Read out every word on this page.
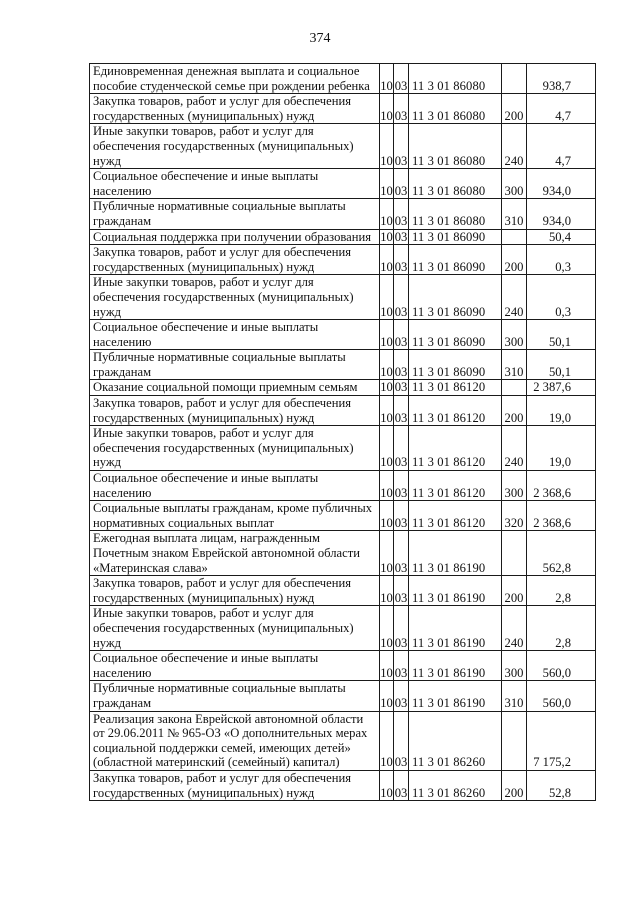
374
Единовременная денежная выплата и социальное
пособие студенческой семье при рождении ребенка	10	03	11 3 01 86080		938,7
Закупка товаров, работ и услуг для обеспечения
государственных (муниципальных) нужд	10	03	11 3 01 86080	200	4,7
Иные закупки товаров, работ и услуг для
обеспечения государственных (муниципальных)
нужд	10	03	11 3 01 86080	240	4,7
Социальное обеспечение и иные выплаты
населению	10	03	11 3 01 86080	300	934,0
Публичные нормативные социальные выплаты
гражданам	10	03	11 3 01 86080	310	934,0
Социальная поддержка при получении образования	10	03	11 3 01 86090		50,4
Закупка товаров, работ и услуг для обеспечения
государственных (муниципальных) нужд	10	03	11 3 01 86090	200	0,3
Иные закупки товаров, работ и услуг для
обеспечения государственных (муниципальных)
нужд	10	03	11 3 01 86090	240	0,3
Социальное обеспечение и иные выплаты
населению	10	03	11 3 01 86090	300	50,1
Публичные нормативные социальные выплаты
гражданам	10	03	11 3 01 86090	310	50,1
Оказание социальной помощи приемным семьям	10	03	11 3 01 86120		2 387,6
Закупка товаров, работ и услуг для обеспечения
государственных (муниципальных) нужд	10	03	11 3 01 86120	200	19,0
Иные закупки товаров, работ и услуг для
обеспечения государственных (муниципальных)
нужд	10	03	11 3 01 86120	240	19,0
Социальное обеспечение и иные выплаты
населению	10	03	11 3 01 86120	300	2 368,6
Социальные выплаты гражданам, кроме публичных
нормативных социальных выплат	10	03	11 3 01 86120	320	2 368,6
Ежегодная выплата лицам, награжденным
Почетным знаком Еврейской автономной области
«Материнская слава»	10	03	11 3 01 86190		562,8
Закупка товаров, работ и услуг для обеспечения
государственных (муниципальных) нужд	10	03	11 3 01 86190	200	2,8
Иные закупки товаров, работ и услуг для
обеспечения государственных (муниципальных)
нужд	10	03	11 3 01 86190	240	2,8
Социальное обеспечение и иные выплаты
населению	10	03	11 3 01 86190	300	560,0
Публичные нормативные социальные выплаты
гражданам	10	03	11 3 01 86190	310	560,0
Реализация закона Еврейской автономной области
от 29.06.2011 № 965-ОЗ «О дополнительных мерах
социальной поддержки семей, имеющих детей»
(областной материнский (семейный) капитал)	10	03	11 3 01 86260		7 175,2
Закупка товаров, работ и услуг для обеспечения
государственных (муниципальных) нужд	10	03	11 3 01 86260	200	52,8
